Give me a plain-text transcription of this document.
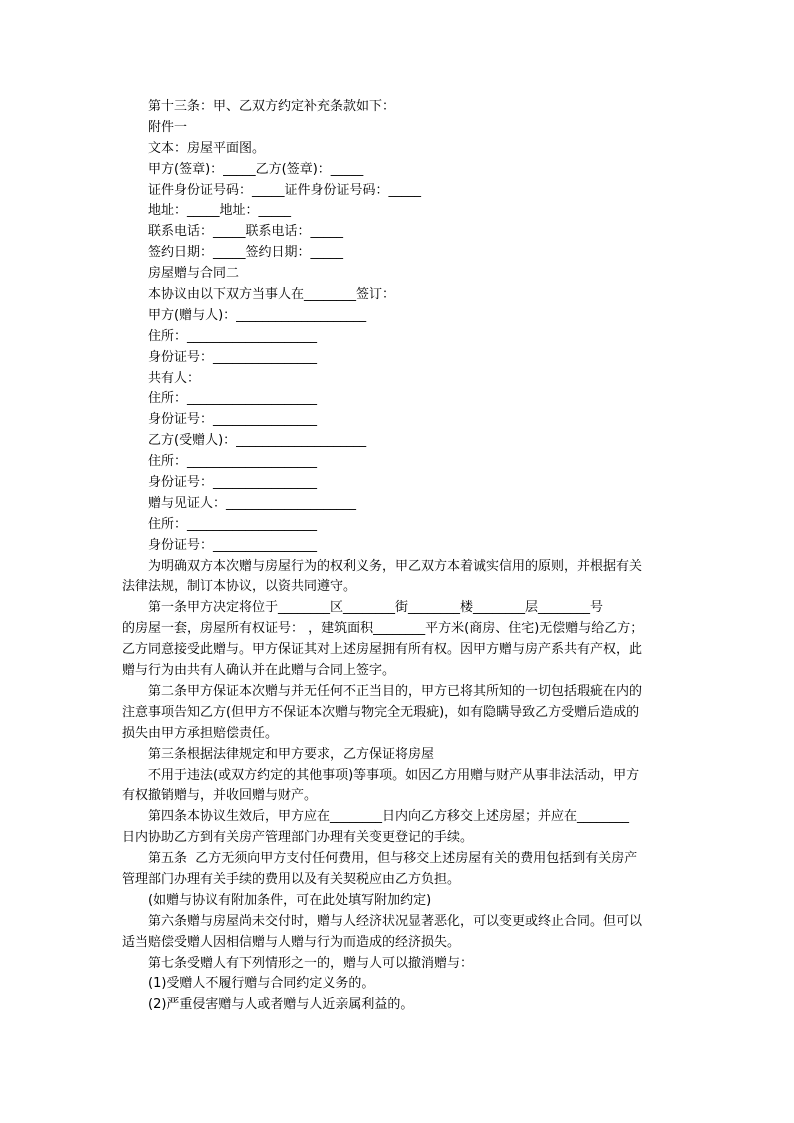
第十三条：甲、乙双方约定补充条款如下：
附件一
文本：房屋平面图。
甲方(签章)：_____乙方(签章)：_____
证件身份证号码：_____证件身份证号码：_____
地址：_____地址：_____
联系电话：_____联系电话：_____
签约日期：_____签约日期：_____
房屋赠与合同二
本协议由以下双方当事人在________签订：
甲方(赠与人)：____________________
住所：____________________
身份证号：________________
共有人：
住所：____________________
身份证号：________________
乙方(受赠人)：____________________
住所：____________________
身份证号：________________
赠与见证人：____________________
住所：____________________
身份证号：________________
为明确双方本次赠与房屋行为的权利义务，甲乙双方本着诚实信用的原则，并根据有关
法律法规，制订本协议，以资共同遵守。
第一条甲方决定将位于________区________街________楼________层________号
的房屋一套，房屋所有权证号： ，建筑面积________平方米(商房、住宅)无偿赠与给乙方；
乙方同意接受此赠与。甲方保证其对上述房屋拥有所有权。因甲方赠与房产系共有产权，此
赠与行为由共有人确认并在此赠与合同上签字。
第二条甲方保证本次赠与并无任何不正当目的，甲方已将其所知的一切包括瑕疵在内的
注意事项告知乙方(但甲方不保证本次赠与物完全无瑕疵)，如有隐瞒导致乙方受赠后造成的
损失由甲方承担赔偿责任。
第三条根据法律规定和甲方要求，乙方保证将房屋
不用于违法(或双方约定的其他事项)等事项。如因乙方用赠与财产从事非法活动，甲方
有权撤销赠与，并收回赠与财产。
第四条本协议生效后，甲方应在________日内向乙方移交上述房屋；并应在________
日内协助乙方到有关房产管理部门办理有关变更登记的手续。
第五条  乙方无须向甲方支付任何费用，但与移交上述房屋有关的费用包括到有关房产
管理部门办理有关手续的费用以及有关契税应由乙方负担。
(如赠与协议有附加条件，可在此处填写附加约定)
第六条赠与房屋尚未交付时，赠与人经济状况显著恶化，可以变更或终止合同。但可以
适当赔偿受赠人因相信赠与人赠与行为而造成的经济损失。
第七条受赠人有下列情形之一的，赠与人可以撤消赠与：
(1)受赠人不履行赠与合同约定义务的。
(2)严重侵害赠与人或者赠与人近亲属利益的。
